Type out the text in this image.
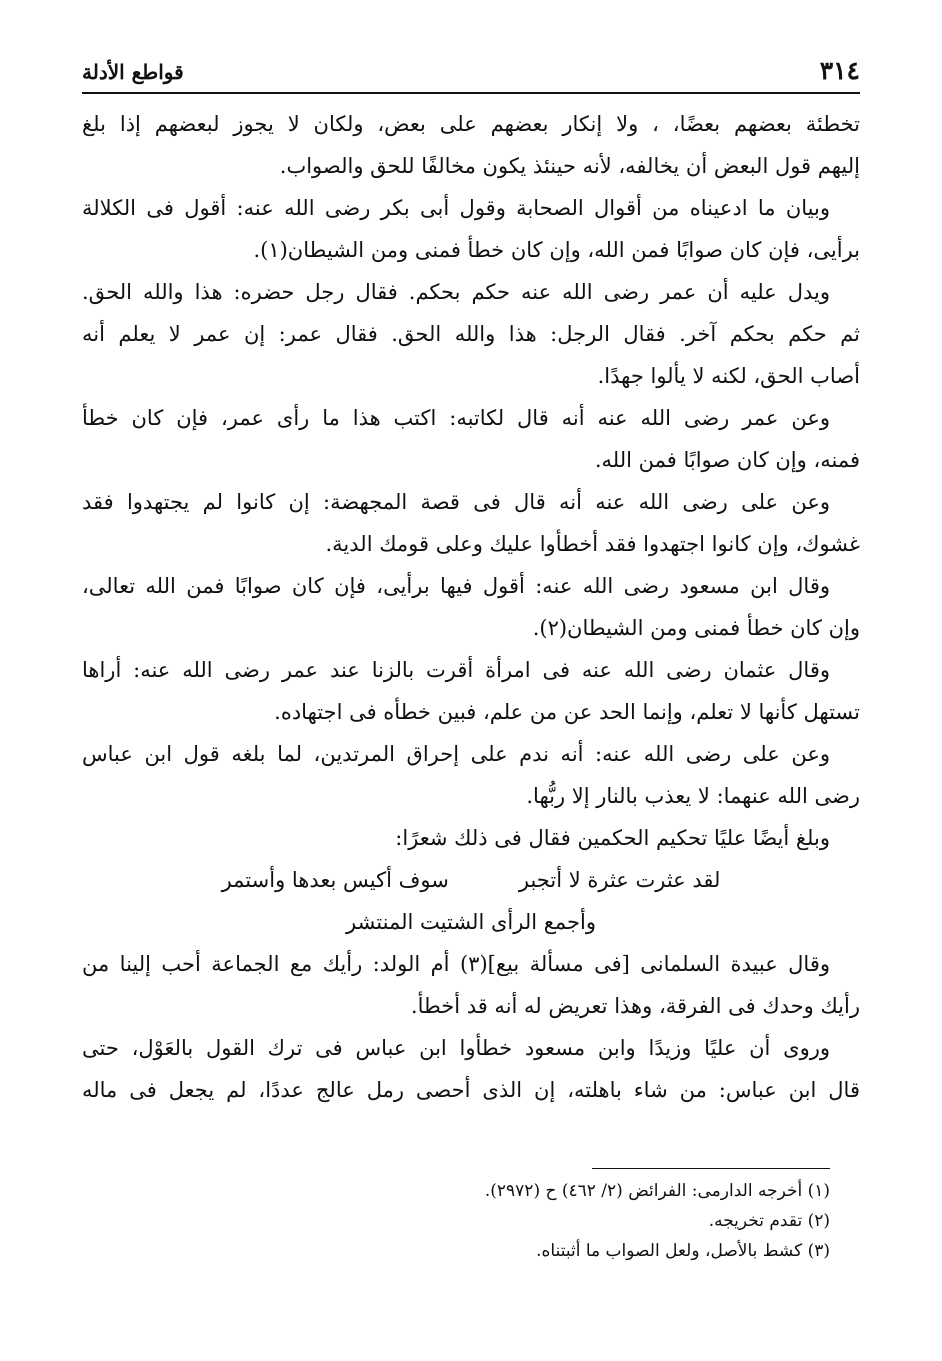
٣١٤
قواطع الأدلة
تخطئة بعضهم بعضًا، ، ولا إنكار بعضهم على بعض، ولكان لا يجوز لبعضهم إذا بلغ
إليهم قول البعض أن يخالفه، لأنه حينئذ يكون مخالفًا للحق والصواب.
وبيان ما ادعيناه من أقوال الصحابة وقول أبى بكر رضى الله عنه: أقول فى الكلالة
برأيى، فإن كان صوابًا فمن الله، وإن كان خطأ فمنى ومن الشيطان(١).
ويدل عليه أن عمر رضى الله عنه حكم بحكم. فقال رجل حضره: هذا والله الحق.
ثم حكم بحكم آخر. فقال الرجل: هذا والله الحق. فقال عمر: إن عمر لا يعلم أنه
أصاب الحق، لكنه لا يألوا جهدًا.
وعن عمر رضى الله عنه أنه قال لكاتبه: اكتب هذا ما رأى عمر، فإن كان خطأ
فمنه، وإن كان صوابًا فمن الله.
وعن على رضى الله عنه أنه قال فى قصة المجهضة: إن كانوا لم يجتهدوا فقد
غشوك، وإن كانوا اجتهدوا فقد أخطأوا عليك وعلى قومك الدية.
وقال ابن مسعود رضى الله عنه: أقول فيها برأيى، فإن كان صوابًا فمن الله تعالى،
وإن كان خطأ فمنى ومن الشيطان(٢).
وقال عثمان رضى الله عنه فى امرأة أقرت بالزنا عند عمر رضى الله عنه: أراها
تستهل كأنها لا تعلم، وإنما الحد عن من علم، فبين خطأه فى اجتهاده.
وعن على رضى الله عنه: أنه ندم على إحراق المرتدين، لما بلغه قول ابن عباس
رضى الله عنهما: لا يعذب بالنار إلا ربُّها.
وبلغ أيضًا عليًا تحكيم الحكمين فقال فى ذلك شعرًا:
لقد عثرت عثرة لا أتجبر
سوف أكيس بعدها وأستمر
وأجمع الرأى الشتيت المنتشر
وقال عبيدة السلمانى [فى مسألة بيع](٣) أم الولد: رأيك مع الجماعة أحب إلينا من
رأيك وحدك فى الفرقة، وهذا تعريض له أنه قد أخطأ.
وروى أن عليًا وزيدًا وابن مسعود خطأوا ابن عباس فى ترك القول بالعَوْل، حتى
قال ابن عباس: من شاء باهلته، إن الذى أحصى رمل عالج عددًا، لم يجعل فى ماله
(١) أخرجه الدارمى: الفرائض (٢/ ٤٦٢) ح (٢٩٧٢).
(٢) تقدم تخريجه.
(٣) كشط بالأصل، ولعل الصواب ما أثبتناه.
